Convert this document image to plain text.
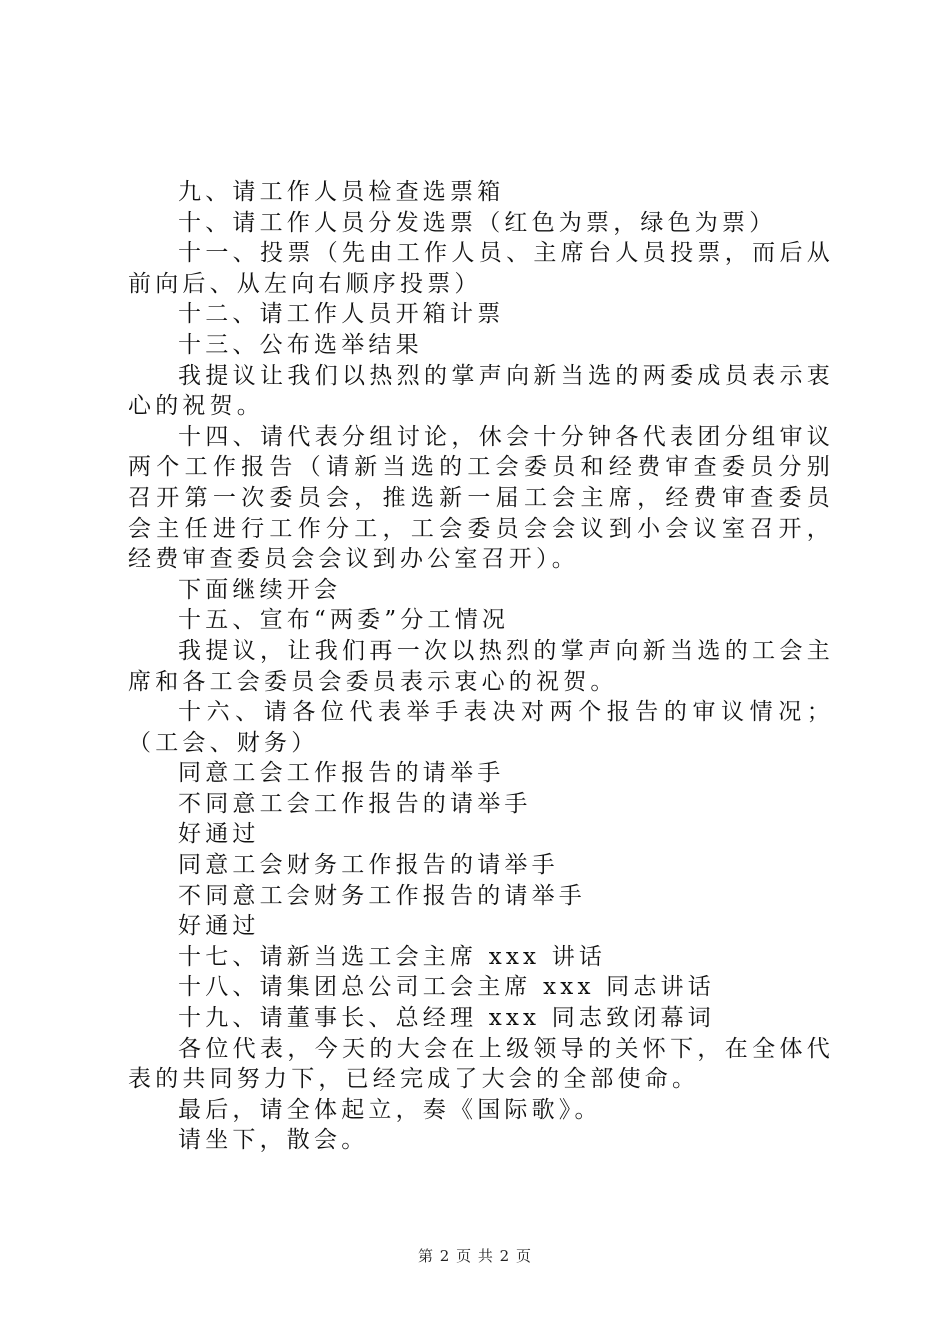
九、请工作人员检查选票箱

十、请工作人员分发选票（红色为票，绿色为票）

十一、投票（先由工作人员、主席台人员投票，而后从前向后、从左向右顺序投票）

十二、请工作人员开箱计票

十三、公布选举结果

我提议让我们以热烈的掌声向新当选的两委成员表示衷心的祝贺。

十四、请代表分组讨论，休会十分钟各代表团分组审议两个工作报告（请新当选的工会委员和经费审查委员分别召开第一次委员会，推选新一届工会主席，经费审查委员会主任进行工作分工，工会委员会会议到小会议室召开，经费审查委员会会议到办公室召开）。

下面继续开会

十五、宣布“两委”分工情况

我提议，让我们再一次以热烈的掌声向新当选的工会主席和各工会委员会委员表示衷心的祝贺。

十六、请各位代表举手表决对两个报告的审议情况；（工会、财务）

同意工会工作报告的请举手

不同意工会工作报告的请举手

好通过

同意工会财务工作报告的请举手

不同意工会财务工作报告的请举手

好通过

十七、请新当选工会主席 xxx 讲话

十八、请集团总公司工会主席 xxx 同志讲话

十九、请董事长、总经理 xxx 同志致闭幕词

各位代表，今天的大会在上级领导的关怀下，在全体代表的共同努力下，已经完成了大会的全部使命。

最后，请全体起立，奏《国际歌》。

请坐下，散会。

第 2 页 共 2 页
